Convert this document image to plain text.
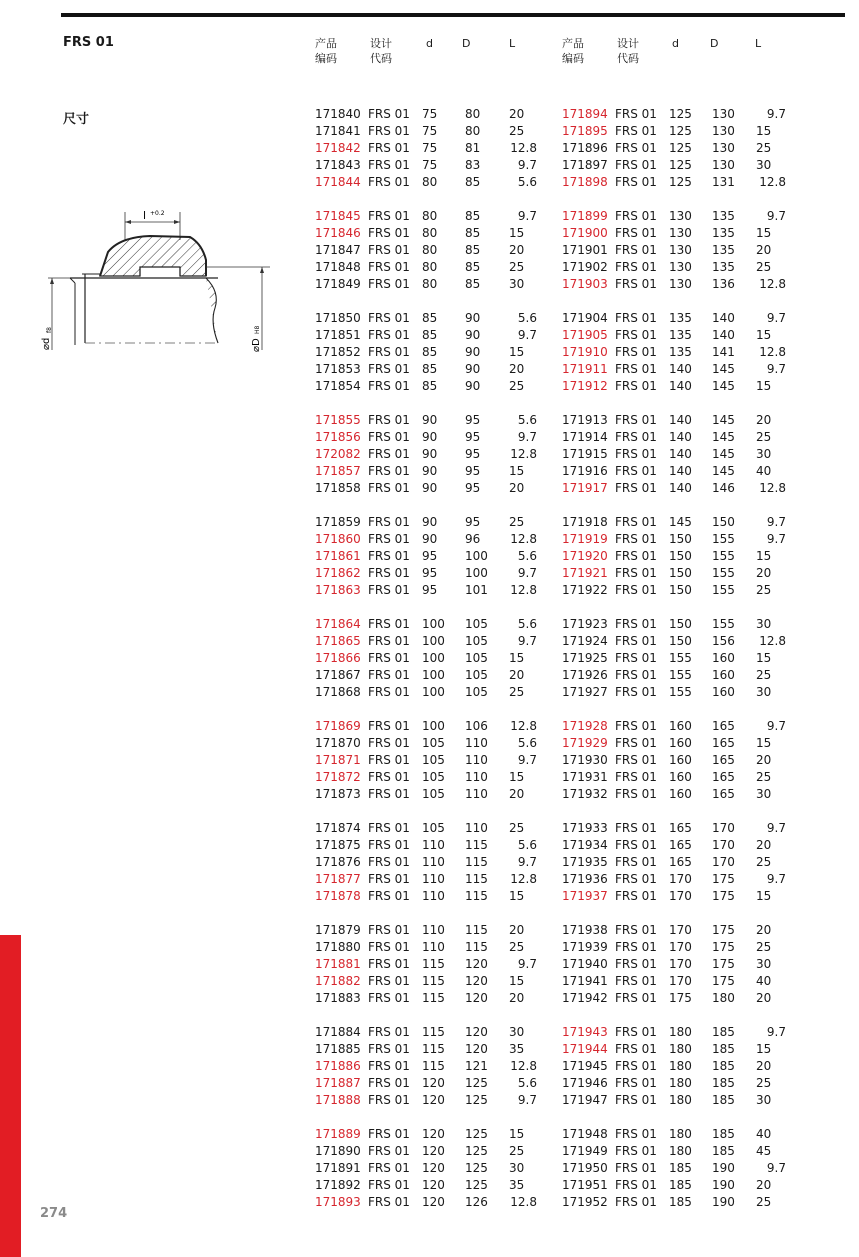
FRS 01
尺寸
产品
编码
设计
代码
d	D	L	产品
编码
设计
代码
d	D	L
l +0.2
⌀d
f8
⌀D
H8
171840 FRS 01 75 80 20
171841 FRS 01 75 80 25
171842 FRS 01 75 81	12.8
171843 FRS 01 75 83	9.7
171844 FRS 01 80 85	5.6
171845 FRS 01 80 85	9.7
171846 FRS 01 80 85 15
171847 FRS 01 80 85 20
171848 FRS 01 80 85 25
171849 FRS 01 80 85 30
171850 FRS 01 85 90	5.6
171851 FRS 01 85 90	9.7
171852 FRS 01 85 90 15
171853 FRS 01 85 90 20
171854 FRS 01 85 90 25
171855 FRS 01 90 95	5.6
171856 FRS 01 90 95	9.7
172082 FRS 01 90 95	12.8
171857 FRS 01 90 95 15
171858 FRS 01 90 95 20
171859 FRS 01 90 95 25
171860 FRS 01 90 96	12.8
171861 FRS 01 95 100	5.6
171862 FRS 01 95 100	9.7
171863 FRS 01 95 101 12.8
171864 FRS 01 100 105	5.6
171865 FRS 01 100 105	9.7
171866 FRS 01 100 105 15
171867 FRS 01 100 105 20
171868 FRS 01 100 105 25
171869 FRS 01 100 106 12.8
171870 FRS 01 105 110	5.6
171871 FRS 01 105 110	9.7
171872 FRS 01 105 110 15
171873 FRS 01 105 110 20
171874 FRS 01 105 110 25
171875 FRS 01 110 115	5.6
171876 FRS 01 110 115	9.7
171877 FRS 01 110 115 12.8
171878 FRS 01 110 115 15
171879 FRS 01 110 115 20
171880 FRS 01 110 115 25
171881 FRS 01 115 120	9.7
171882 FRS 01 115 120 15
171883 FRS 01 115 120 20
171884 FRS 01 115 120 30
171885 FRS 01 115 120 35
171886 FRS 01 115 121 12.8
171887 FRS 01 120 125	5.6
171888 FRS 01 120 125	9.7
171889 FRS 01 120 125 15
171890 FRS 01 120 125 25
171891 FRS 01 120 125 30
171892 FRS 01 120 125 35
171893 FRS 01 120 126 12.8
171894 FRS 01 125 130	9.7
171895 FRS 01 125 130 15
171896 FRS 01 125 130 25
171897 FRS 01 125 130 30
171898 FRS 01 125 131 12.8
171899 FRS 01 130 135	9.7
171900 FRS 01 130 135 15
171901 FRS 01 130 135 20
171902 FRS 01 130 135 25
171903 FRS 01 130 136 12.8
171904 FRS 01 135 140	9.7
171905 FRS 01 135 140 15
171910 FRS 01 135 141 12.8
171911 FRS 01 140 145	9.7
171912 FRS 01 140 145 15
171913 FRS 01 140 145 20
171914 FRS 01 140 145 25
171915 FRS 01 140 145 30
171916 FRS 01 140 145 40
171917 FRS 01 140 146 12.8
171918 FRS 01 145 150	9.7
171919 FRS 01 150 155	9.7
171920 FRS 01 150 155 15
171921 FRS 01 150 155 20
171922 FRS 01 150 155 25
171923 FRS 01 150 155 30
171924 FRS 01 150 156 12.8
171925 FRS 01 155 160 15
171926 FRS 01 155 160 25
171927 FRS 01 155 160 30
171928 FRS 01 160 165	9.7
171929 FRS 01 160 165 15
171930 FRS 01 160 165 20
171931 FRS 01 160 165 25
171932 FRS 01 160 165 30
171933 FRS 01 165 170	9.7
171934 FRS 01 165 170 20
171935 FRS 01 165 170 25
171936 FRS 01 170 175	9.7
171937 FRS 01 170 175 15
171938 FRS 01 170 175 20
171939 FRS 01 170 175 25
171940 FRS 01 170 175 30
171941 FRS 01 170 175 40
171942 FRS 01 175 180 20
171943 FRS 01 180 185	9.7
171944 FRS 01 180 185 15
171945 FRS 01 180 185 20
171946 FRS 01 180 185 25
171947 FRS 01 180 185 30
171948 FRS 01 180 185 40
171949 FRS 01 180 185 45
171950 FRS 01 185 190	9.7
171951 FRS 01 185 190 20
171952 FRS 01 185 190 25
274
